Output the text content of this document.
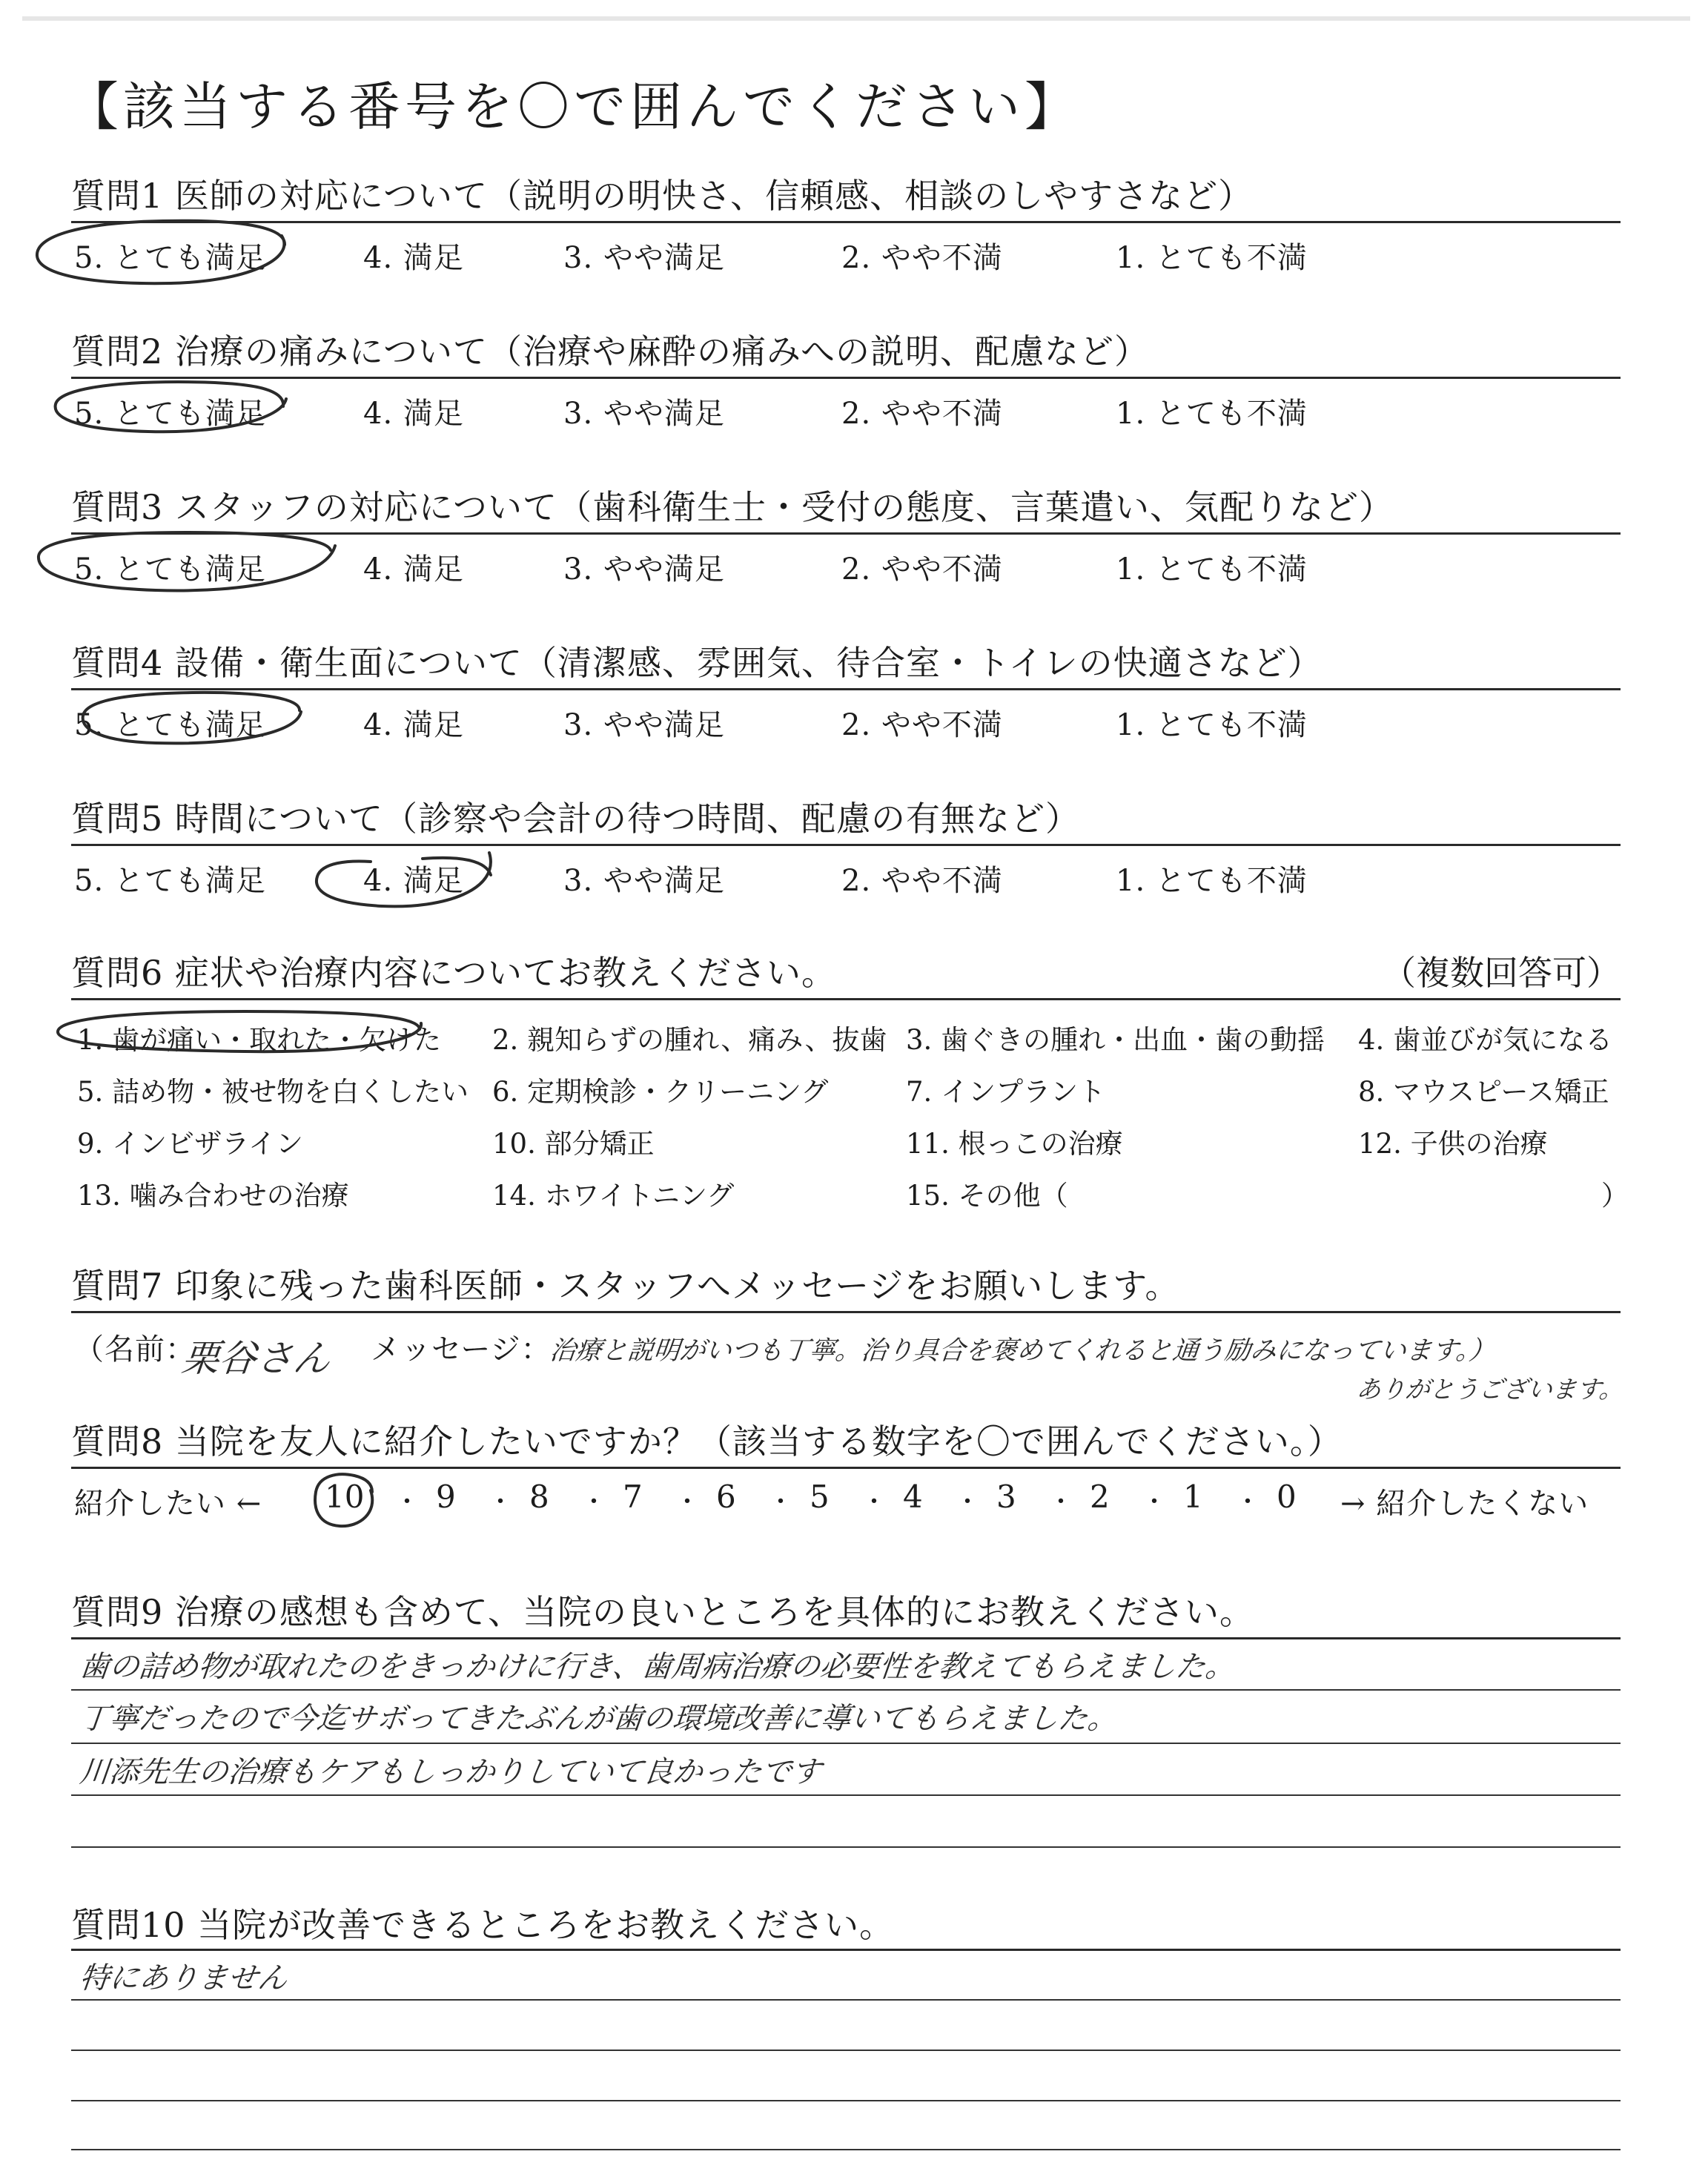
【該当する番号を〇で囲んでください】
質問1 医師の対応について（説明の明快さ、信頼感、相談のしやすさなど）
5. とても満足	4. 満足	3. やや満足	2. やや不満	1. とても不満
質問2 治療の痛みについて（治療や麻酔の痛みへの説明、配慮など）
5. とても満足	4. 満足	3. やや満足	2. やや不満	1. とても不満
質問3 スタッフの対応について（歯科衛生士・受付の態度、言葉遣い、気配りなど）
5. とても満足	4. 満足	3. やや満足	2. やや不満	1. とても不満
質問4 設備・衛生面について（清潔感、雰囲気、待合室・トイレの快適さなど）
5. とても満足	4. 満足	3. やや満足	2. やや不満	1. とても不満
質問5 時間について（診察や会計の待つ時間、配慮の有無など）
5. とても満足	4. 満足	3. やや満足	2. やや不満	1. とても不満
質問6 症状や治療内容についてお教えください。	（複数回答可）
1. 歯が痛い・取れた・欠けた 2. 親知らずの腫れ、痛み、抜歯 3. 歯ぐきの腫れ・出血・歯の動揺 4. 歯並びが気になる
5. 詰め物・被せ物を白くしたい 6. 定期検診・クリーニング	7. インプラント	8. マウスピース矯正
9. インビザライン	10. 部分矯正	11. 根っこの治療	12. 子供の治療
13. 噛み合わせの治療	14. ホワイトニング	15. その他（	）
質問7 印象に残った歯科医師・スタッフへメッセージをお願いします。
（名前：
栗谷さん メッセージ：
治療と説明がいつも丁寧。治り具合を褒めてくれると通う励みになっています。）
ありがとうございます。
質問8 当院を友人に紹介したいですか？（該当する数字を〇で囲んでください。）
紹介したい ← 10 ・ 9 ・ 8 ・ 7 ・ 6 ・ 5 ・ 4 ・ 3 ・ 2 ・ 1 ・ 0 → 紹介したくない
質問9 治療の感想も含めて、当院の良いところを具体的にお教えください。
歯の詰め物が取れたのをきっかけに行き、歯周病治療の必要性を教えてもらえました。
丁寧だったので今迄サボってきたぶんが歯の環境改善に導いてもらえました。
川添先生の治療もケアもしっかりしていて良かったです
質問10 当院が改善できるところをお教えください。
特にありません
